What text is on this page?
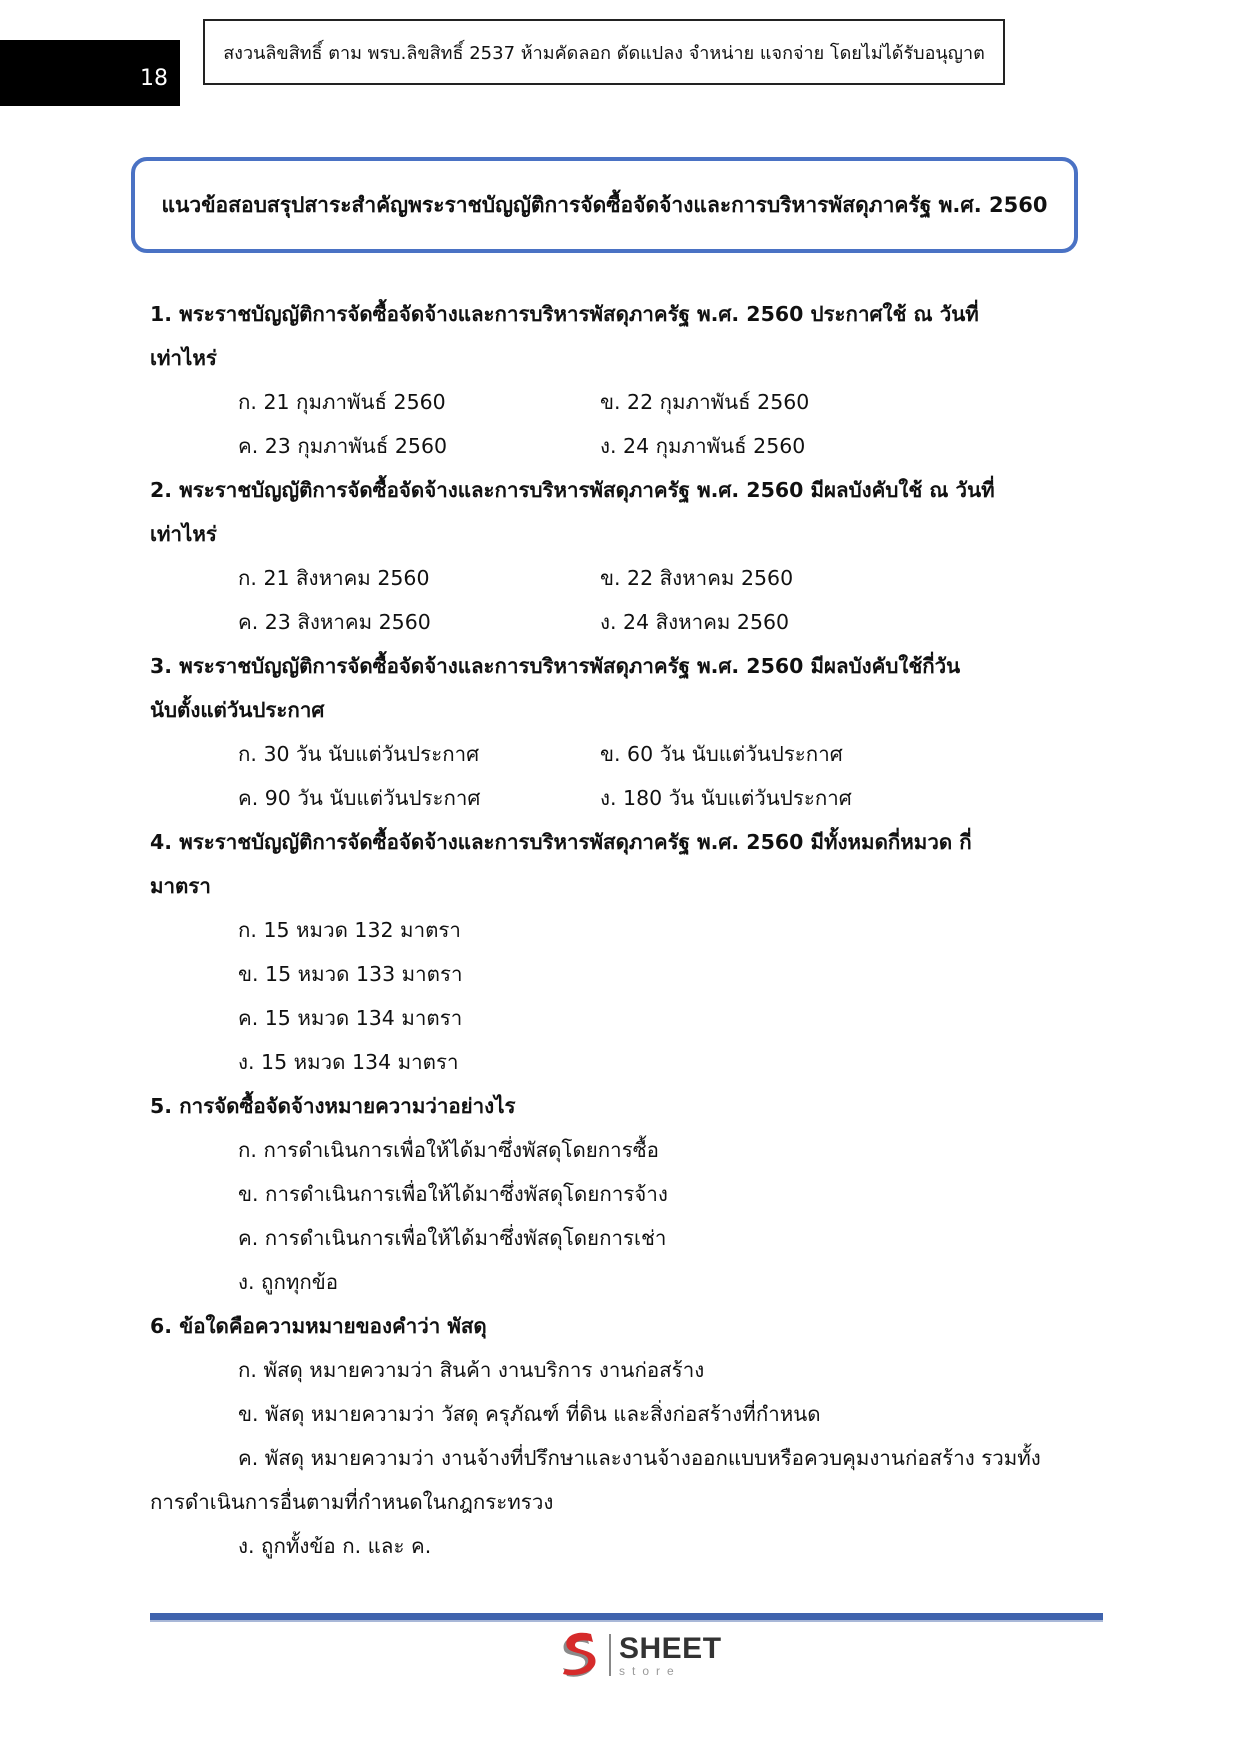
18
สงวนลิขสิทธิ์ ตาม พรบ.ลิขสิทธิ์ 2537 ห้ามคัดลอก ดัดแปลง จำหน่าย แจกจ่าย โดยไม่ได้รับอนุญาต
แนวข้อสอบสรุปสาระสำคัญพระราชบัญญัติการจัดซื้อจัดจ้างและการบริหารพัสดุภาครัฐ พ.ศ. 2560
1. พระราชบัญญัติการจัดซื้อจัดจ้างและการบริหารพัสดุภาครัฐ พ.ศ. 2560 ประกาศใช้ ณ วันที่
เท่าไหร่
ก. 21 กุมภาพันธ์ 2560	ข. 22 กุมภาพันธ์ 2560
ค. 23 กุมภาพันธ์ 2560	ง. 24 กุมภาพันธ์ 2560
2. พระราชบัญญัติการจัดซื้อจัดจ้างและการบริหารพัสดุภาครัฐ พ.ศ. 2560 มีผลบังคับใช้ ณ วันที่
เท่าไหร่
ก. 21 สิงหาคม 2560	ข. 22 สิงหาคม 2560
ค. 23 สิงหาคม 2560	ง. 24 สิงหาคม 2560
3. พระราชบัญญัติการจัดซื้อจัดจ้างและการบริหารพัสดุภาครัฐ พ.ศ. 2560 มีผลบังคับใช้กี่วัน
นับตั้งแต่วันประกาศ
ก. 30 วัน นับแต่วันประกาศ	ข. 60 วัน นับแต่วันประกาศ
ค. 90 วัน นับแต่วันประกาศ	ง. 180 วัน นับแต่วันประกาศ
4. พระราชบัญญัติการจัดซื้อจัดจ้างและการบริหารพัสดุภาครัฐ พ.ศ. 2560 มีทั้งหมดกี่หมวด กี่
มาตรา
ก. 15 หมวด 132 มาตรา
ข. 15 หมวด 133 มาตรา
ค. 15 หมวด 134 มาตรา
ง. 15 หมวด 134 มาตรา
5. การจัดซื้อจัดจ้างหมายความว่าอย่างไร
ก. การดำเนินการเพื่อให้ได้มาซึ่งพัสดุโดยการซื้อ
ข. การดำเนินการเพื่อให้ได้มาซึ่งพัสดุโดยการจ้าง
ค. การดำเนินการเพื่อให้ได้มาซึ่งพัสดุโดยการเช่า
ง. ถูกทุกข้อ
6. ข้อใดคือความหมายของคำว่า พัสดุ
ก. พัสดุ หมายความว่า สินค้า งานบริการ งานก่อสร้าง
ข. พัสดุ หมายความว่า วัสดุ ครุภัณฑ์ ที่ดิน และสิ่งก่อสร้างที่กำหนด
ค. พัสดุ หมายความว่า งานจ้างที่ปรึกษาและงานจ้างออกแบบหรือควบคุมงานก่อสร้าง รวมทั้ง
การดำเนินการอื่นตามที่กำหนดในกฎกระทรวง
ง. ถูกทั้งข้อ ก. และ ค.
SHEET
store
